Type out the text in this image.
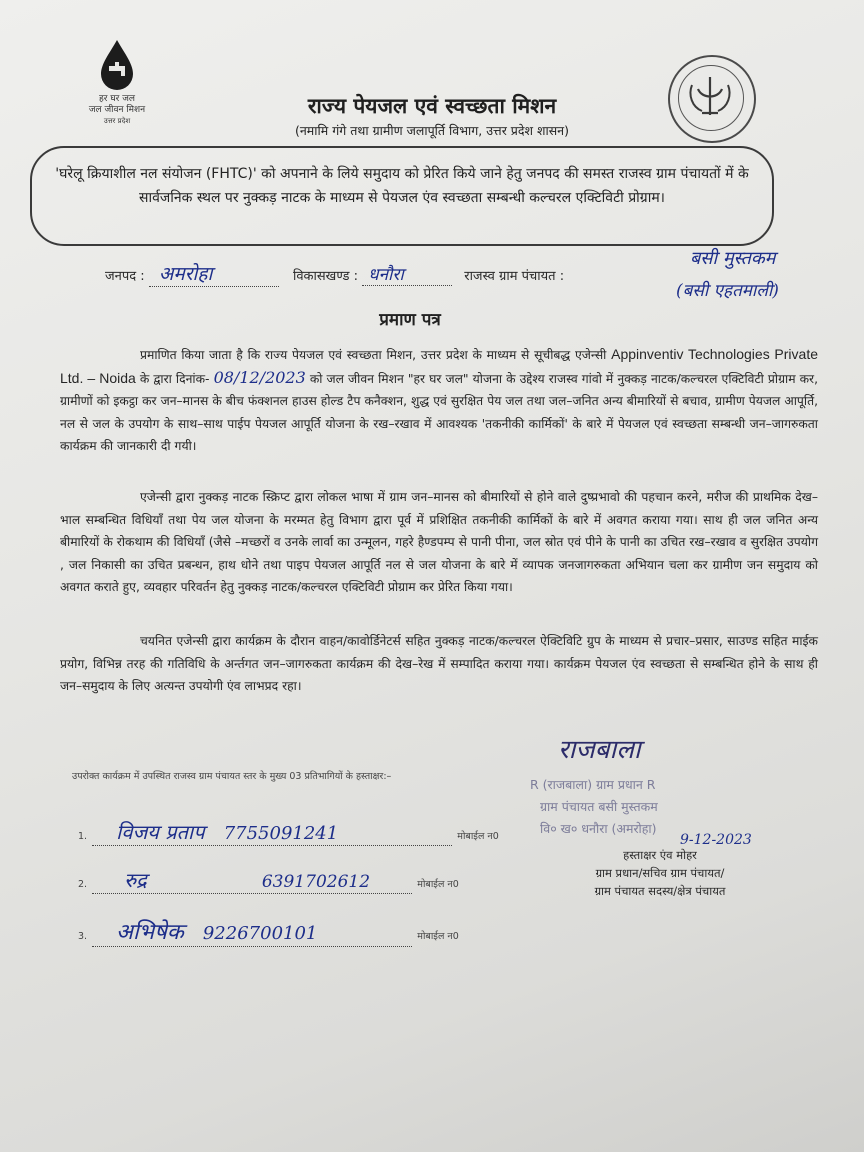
हर घर जल
जल जीवन मिशन
उत्तर प्रदेश
राज्य पेयजल एवं स्वच्छता मिशन
(नमामि गंगे तथा ग्रामीण जलापूर्ति विभाग, उत्तर प्रदेश शासन)
'घरेलू क्रियाशील नल संयोजन (FHTC)' को अपनाने के लिये समुदाय को प्रेरित किये जाने हेतु जनपद की समस्त राजस्व ग्राम पंचायतों में के सार्वजनिक स्थल पर नुक्कड़ नाटक के माध्यम से पेयजल एंव स्वच्छता सम्बन्धी कल्चरल एक्टिविटी प्रोग्राम।
जनपद : अमरोहा	विकासखण्ड : धनौरा	राजस्व ग्राम पंचायत :
बसी मुस्तकम
(बसी एहतमाली)
प्रमाण पत्र
प्रमाणित किया जाता है कि राज्य पेयजल एवं स्वच्छता मिशन, उत्तर प्रदेश के माध्यम से सूचीबद्ध एजेन्सी Appinventiv Technologies Private Ltd. – Noida के द्वारा दिनांक- 08/12/2023 को जल जीवन मिशन "हर घर जल" योजना के उद्देश्य राजस्व गांवो में नुक्कड़ नाटक/कल्चरल एक्टिविटी प्रोग्राम कर, ग्रामीणों को इकट्ठा कर जन–मानस के बीच फंक्शनल हाउस होल्ड टैप कनैक्शन, शुद्ध एवं सुरक्षित पेय जल तथा जल–जनित अन्य बीमारियों से बचाव, ग्रामीण पेयजल आपूर्ति, नल से जल के उपयोग के साथ–साथ पाईप पेयजल आपूर्ति योजना के रख–रखाव में आवश्यक 'तकनीकी कार्मिकों' के बारे में पेयजल एवं स्वच्छता सम्बन्धी जन–जागरुकता कार्यक्रम की जानकारी दी गयी।
एजेन्सी द्वारा नुक्कड़ नाटक स्क्रिप्ट द्वारा लोकल भाषा में ग्राम जन–मानस को बीमारियों से होने वाले दुष्प्रभावो की पहचान करने, मरीज की प्राथमिक देख–भाल सम्बन्धित विधियॉं तथा पेय जल योजना के मरम्मत हेतु विभाग द्वारा पूर्व में प्रशिक्षित तकनीकी कार्मिकों के बारे में अवगत कराया गया। साथ ही जल जनित अन्य बीमारियों के रोकथाम की विधियॉं (जैसे –मच्छरों व उनके लार्वा का उन्मूलन, गहरे हैण्डपम्प से पानी पीना, जल स्रोत एवं पीने के पानी का उचित रख–रखाव व सुरक्षित उपयोग , जल निकासी का उचित प्रबन्धन, हाथ धोने तथा पाइप पेयजल आपूर्ति नल से जल योजना के बारे में व्यापक जनजागरुकता अभियान चला कर ग्रामीण जन समुदाय को अवगत कराते हुए, व्यवहार परिवर्तन हेतु नुक्कड़ नाटक/कल्चरल एक्टिविटी प्रोग्राम कर प्रेरित किया गया।
चयनित एजेन्सी द्वारा कार्यक्रम के दौरान वाहन/कावोर्डिनेटर्स सहित नुक्कड़ नाटक/कल्चरल ऐक्टिविटि ग्रुप के माध्यम से प्रचार–प्रसार, साउण्ड सहित माईक प्रयोग, विभिन्न तरह की गतिविधि के अर्न्तगत जन–जागरुकता कार्यक्रम की देख–रेख में सम्पादित कराया गया। कार्यक्रम पेयजल एंव स्वच्छता से सम्बन्धित होने के साथ ही जन–समुदाय के लिए अत्यन्त उपयोगी एंव लाभप्रद रहा।
उपरोक्त कार्यक्रम में उपस्थित राजस्व ग्राम पंचायत स्तर के मुख्य 03 प्रतिभागियों के हस्ताक्षर:–
1. विजय प्रताप 7755091241	मोबाईल न0
2. रुद्र	6391702612	मोबाईल न0
3. अभिषेक 9226700101	मोबाईल न0
राजबाला
R (राजबाला) ग्राम प्रधान R
ग्राम पंचायत बसी मुस्तकम
वि० ख० धनौरा (अमरोहा)
9-12-2023
हस्ताक्षर एंव मोहर
ग्राम प्रधान/सचिव ग्राम पंचायत/
ग्राम पंचायत सदस्य/क्षेत्र पंचायत
